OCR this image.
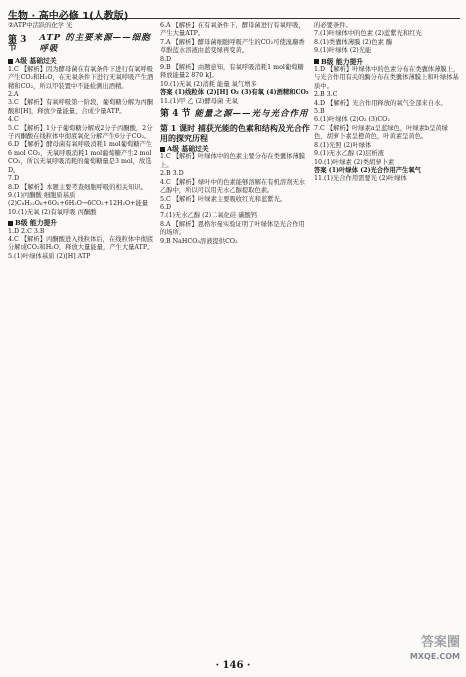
生物 · 高中必修 1(人教版)

②ATP中活跃的化学 光

第 3 节
ATP 的主要来源——细胞呼吸
A级 基础过关

1.C 【解析】因为酵母菌在有氧条件下进行有氧呼吸产生CO₂和H₂O，在无氧条件下进行无氧呼吸产生酒精和CO₂，所以甲装置中不能检测出酒精。

2.A

3.C 【解析】有氧呼吸第一阶段，葡萄糖分解为丙酮酸和[H]，释放少量能量，合成少量ATP。

4.C

5.C 【解析】1分子葡萄糖分解成2分子丙酮酸，2分子丙酮酸在线粒体中彻底氧化分解产生6分子CO₂。

6.D 【解析】酵母菌有氧呼吸消耗1 mol葡萄糖产生6 mol CO₂，无氧呼吸消耗1 mol葡萄糖产生2 mol CO₂，所以无氧呼吸消耗的葡萄糖量是3 mol，故选D。

7.D

8.D 【解析】本题主要考查细胞呼吸的相关知识。

9.(1)丙酮酸 细胞质基质

(2)C₆H₁₂O₆+6O₂+6H₂O→6CO₂+12H₂O+能量

10.(1)无氧 (2)有氧呼吸 丙酮酸

B级 能力提升

1.D 2.C 3.B

4.C 【解析】丙酮酸进入线粒体后，在线粒体中彻底分解成CO₂和H₂O，释放大量能量，产生大量ATP。

5.(1)叶绿体基质 (2)[H] ATP

6.A 【解析】在有氧条件下，酵母菌进行有氧呼吸，产生大量ATP。

7.A 【解析】酵母菌细胞呼吸产生的CO₂可使溴麝香草酚蓝水溶液由蓝变绿再变黄。

8.D

9.B 【解析】由题意知，有氧呼吸消耗1 mol葡萄糖释放能量2 870 kJ。

10.(1)无氧 (2)消耗 能量 氧气增多

答案 (1)线粒体 (2)[H] O₂ (3)有氧 (4)酒精和CO₂

11.(1)甲 乙 (2)酵母菌 无氧

第 4 节 能量之源——光与光合作用
第 1 课时 捕获光能的色素和结构及光合作用的探究历程
A级 基础过关

1.C 【解析】叶绿体中的色素主要分布在类囊体薄膜上。

2.B 3.D

4.C 【解析】绿叶中的色素能够溶解在有机溶剂无水乙醇中，所以可以用无水乙醇提取色素。

5.C 【解析】叶绿素主要吸收红光和蓝紫光。

6.D

7.(1)无水乙醇 (2)二氧化硅 碳酸钙

8.A 【解析】恩格尔曼实验证明了叶绿体是光合作用的场所。

9.B NaHCO₃溶液提供CO₂

的必要条件。

7.(1)叶绿体中的色素 (2)蓝紫光和红光

8.(1)类囊体薄膜 (2)色素 酶

9.(1)叶绿体 (2)光能

B级 能力提升

1.D 【解析】叶绿体中的色素分布在类囊体薄膜上，与光合作用有关的酶分布在类囊体薄膜上和叶绿体基质中。

2.B 3.C

4.D 【解析】光合作用释放的氧气全部来自水。

5.B

6.(1)叶绿体 (2)O₂ (3)CO₂

7.C 【解析】叶绿素a呈蓝绿色，叶绿素b呈黄绿色，胡萝卜素呈橙黄色，叶黄素呈黄色。

8.(1)光照 (2)叶绿体

9.(1)无水乙醇 (2)层析液

10.(1)叶绿素 (2)类胡萝卜素

答案 (1)叶绿体 (2)光合作用产生氧气

11.(1)光合作用需要光 (2)叶绿体

答案圈
MXQE.COM
· 146 ·
